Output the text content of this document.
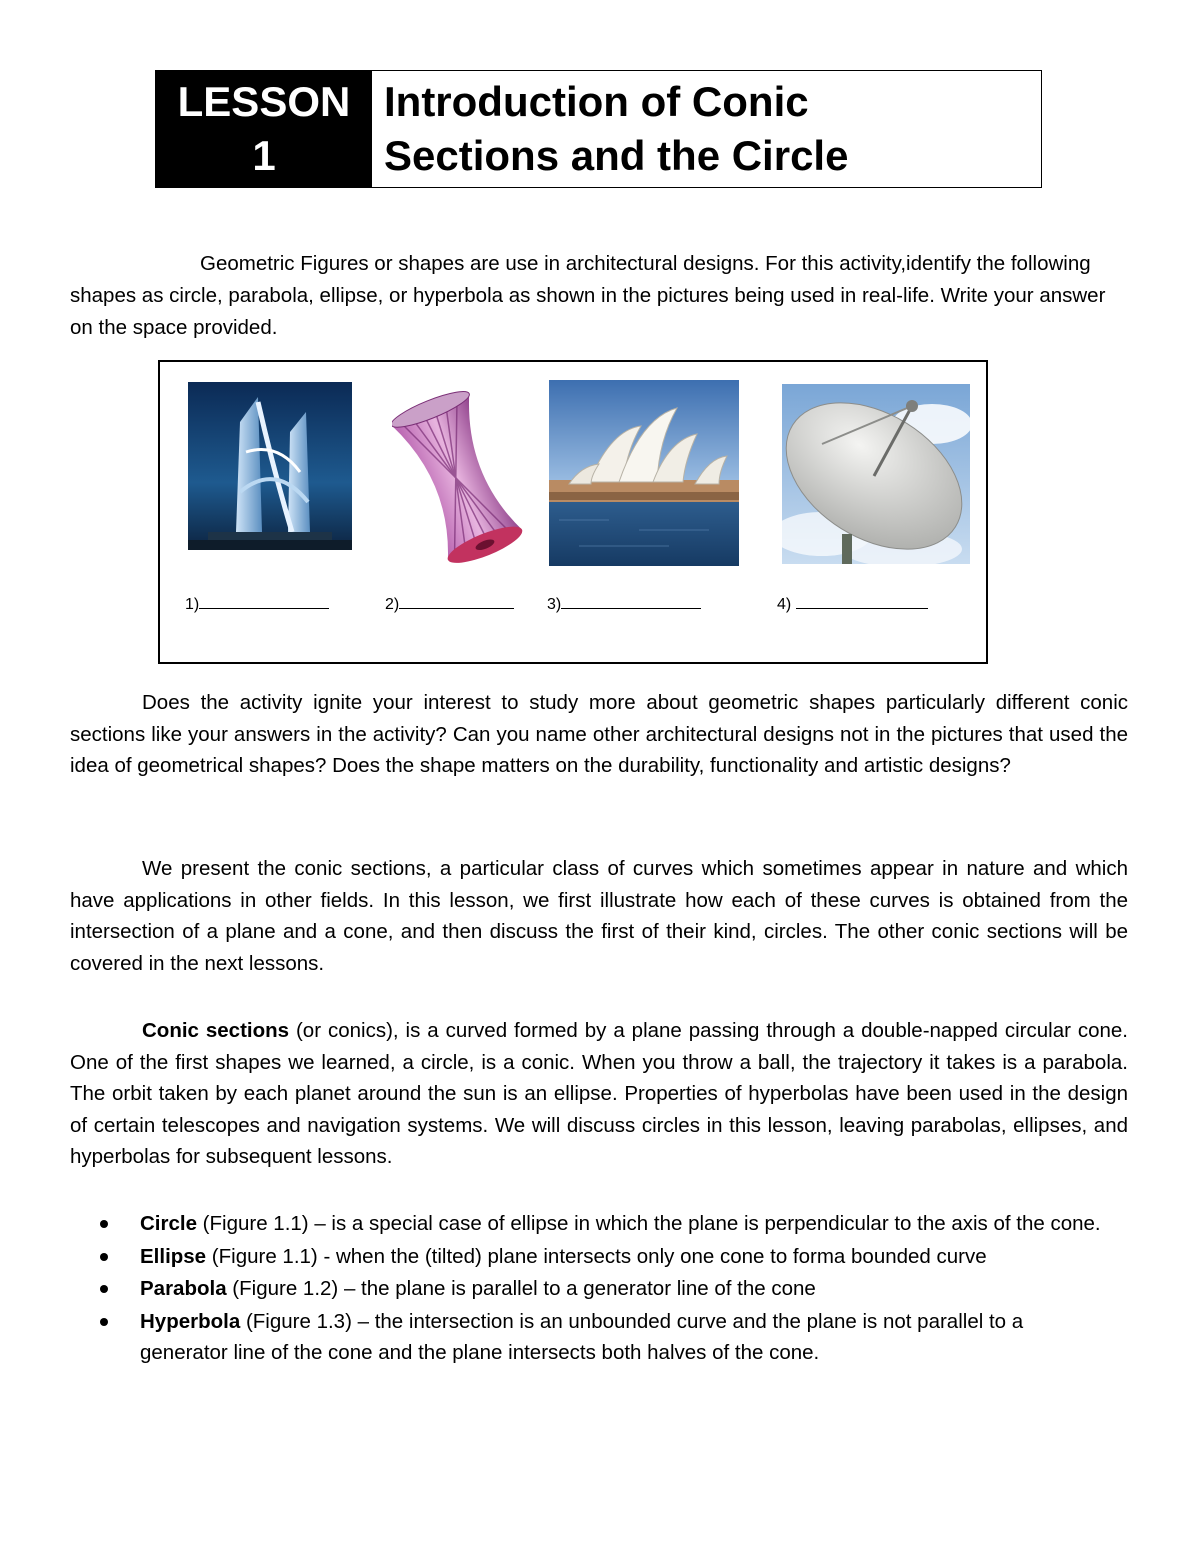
LESSON
1
Introduction of Conic
Sections and the Circle
Geometric Figures or shapes are use in architectural designs. For this activity,identify the following shapes as circle, parabola, ellipse, or hyperbola as shown in the pictures being used in real-life. Write your answer on the space provided.
1)	2)	3)	4)
Does the activity ignite your interest to study more about geometric shapes particularly different conic sections like your answers in the activity? Can you name other architectural designs not in the pictures that used the idea of geometrical shapes? Does the shape matters on the durability, functionality and artistic designs?
We present the conic sections, a particular class of curves which sometimes appear in nature and which have applications in other fields. In this lesson, we first illustrate how each of these curves is obtained from the intersection of a plane and a cone, and then discuss the first of their kind, circles. The other conic sections will be covered in the next lessons.
Conic sections (or conics), is a curved formed by a plane passing through a double-napped circular cone. One of the first shapes we learned, a circle, is a conic. When you throw a ball, the trajectory it takes is a parabola. The orbit taken by each planet around the sun is an ellipse. Properties of hyperbolas have been used in the design of certain telescopes and navigation systems. We will discuss circles in this lesson, leaving parabolas, ellipses, and hyperbolas for subsequent lessons.
Circle (Figure 1.1) – is a special case of ellipse in which the plane is perpendicular to the axis of the cone.
Ellipse (Figure 1.1) - when the (tilted) plane intersects only one cone to forma bounded curve
Parabola (Figure 1.2) – the plane is parallel to a generator line of the cone
Hyperbola (Figure 1.3) – the intersection is an unbounded curve and the plane is not parallel to a generator line of the cone and the plane intersects both halves of the cone.
